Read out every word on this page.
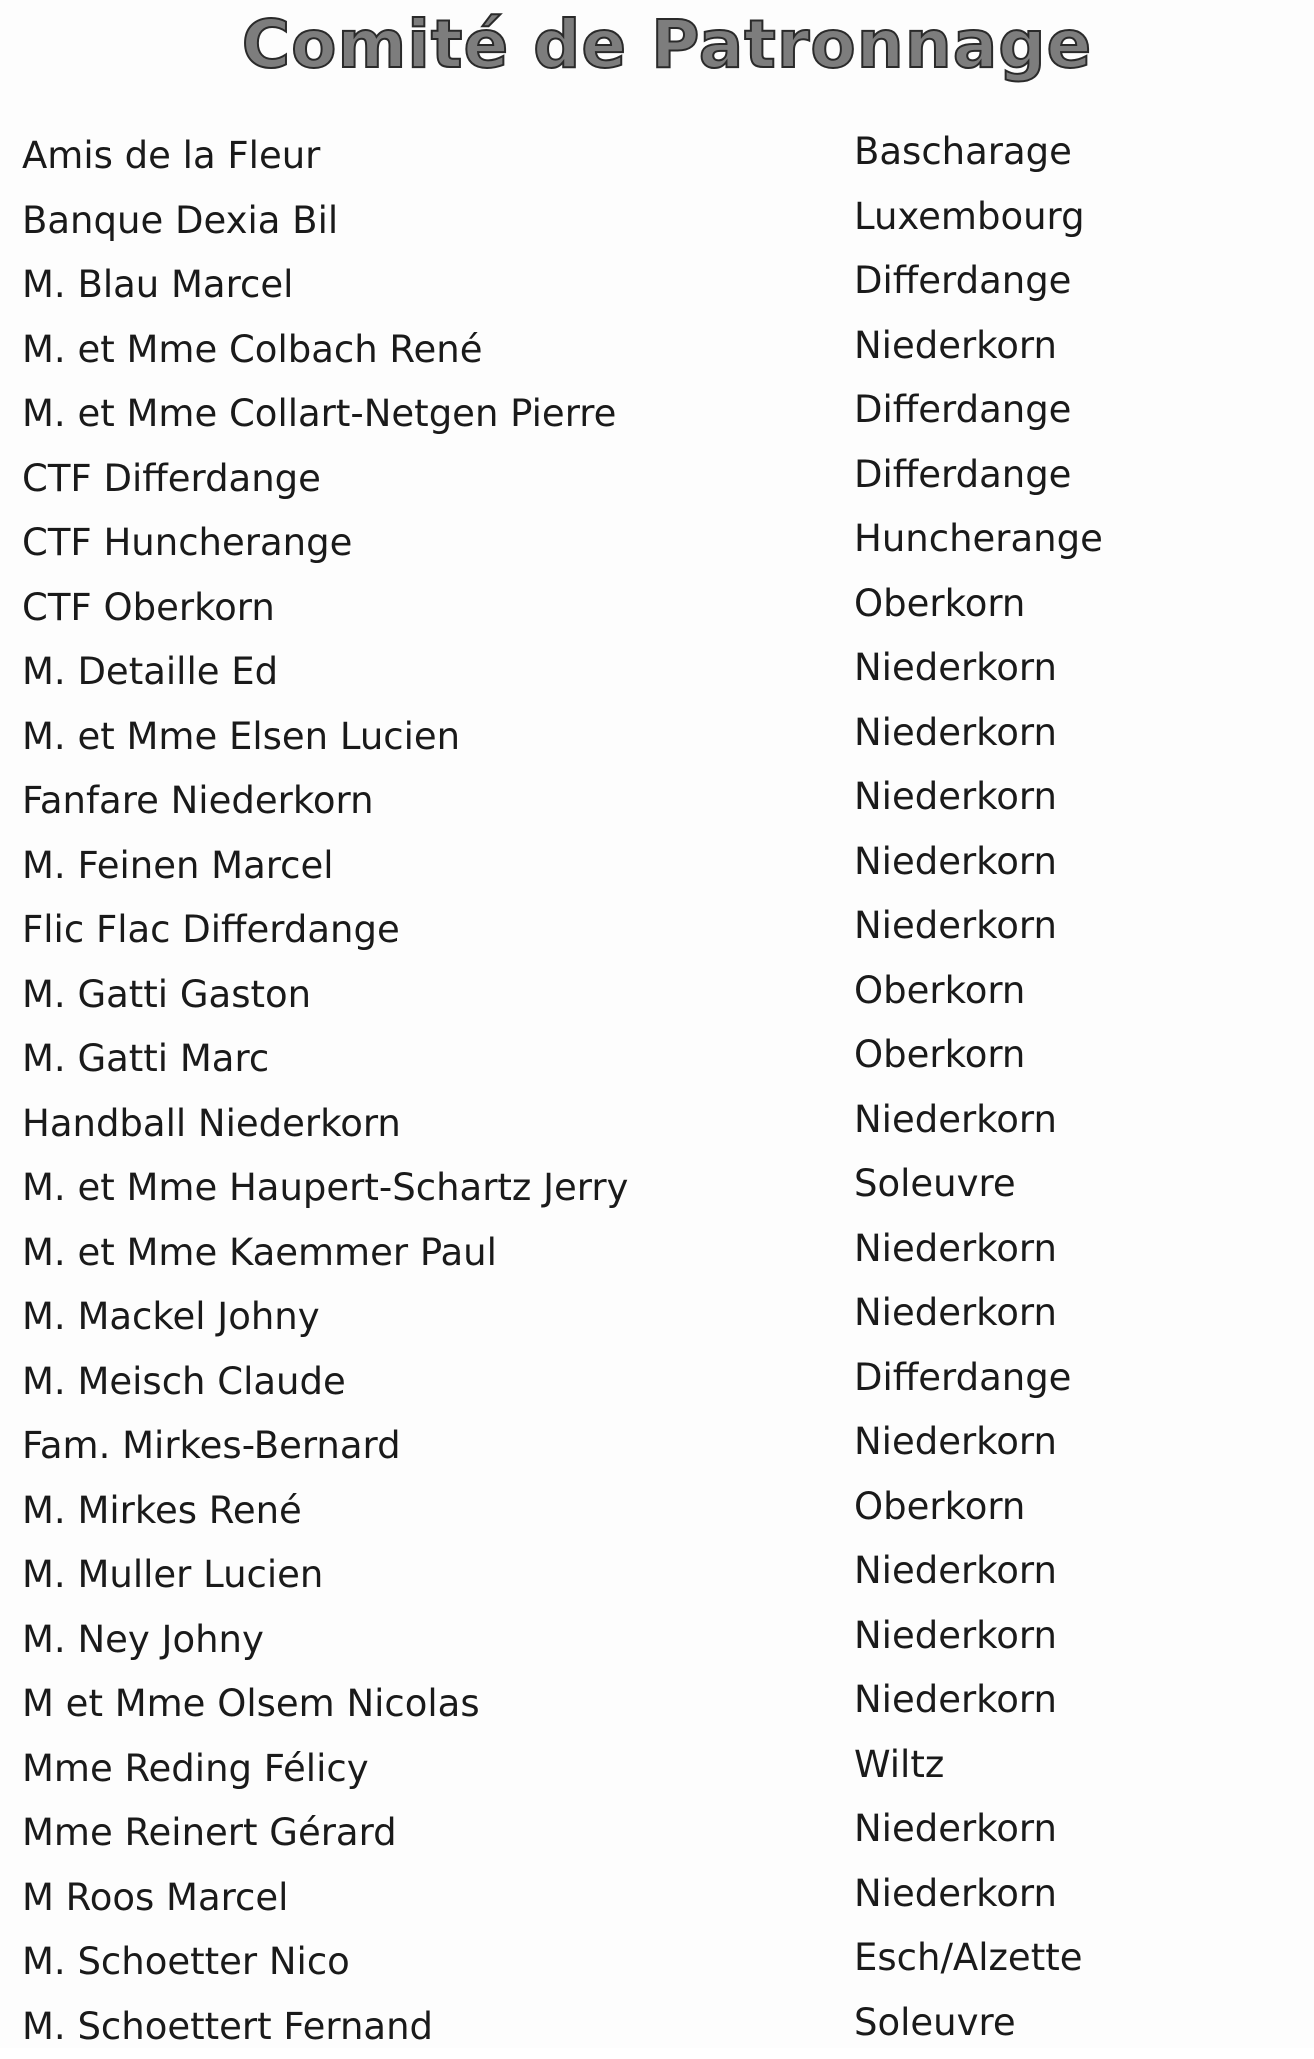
Comité de Patronnage
Amis de la Fleur	Bascharage
Banque Dexia Bil	Luxembourg
M. Blau Marcel	Differdange
M. et Mme Colbach René	Niederkorn
M. et Mme Collart-Netgen Pierre	Differdange
CTF Differdange	Differdange
CTF Huncherange	Huncherange
CTF Oberkorn	Oberkorn
M. Detaille Ed	Niederkorn
M. et Mme Elsen Lucien	Niederkorn
Fanfare Niederkorn	Niederkorn
M. Feinen Marcel	Niederkorn
Flic Flac Differdange	Niederkorn
M. Gatti Gaston	Oberkorn
M. Gatti Marc	Oberkorn
Handball Niederkorn	Niederkorn
M. et Mme Haupert-Schartz Jerry	Soleuvre
M. et Mme Kaemmer Paul	Niederkorn
M. Mackel Johny	Niederkorn
M. Meisch Claude	Differdange
Fam. Mirkes-Bernard	Niederkorn
M. Mirkes René	Oberkorn
M. Muller Lucien	Niederkorn
M. Ney Johny	Niederkorn
M et Mme Olsem Nicolas	Niederkorn
Mme Reding Félicy	Wiltz
Mme Reinert Gérard	Niederkorn
M Roos Marcel	Niederkorn
M. Schoetter Nico	Esch/Alzette
M. Schoettert Fernand	Soleuvre
